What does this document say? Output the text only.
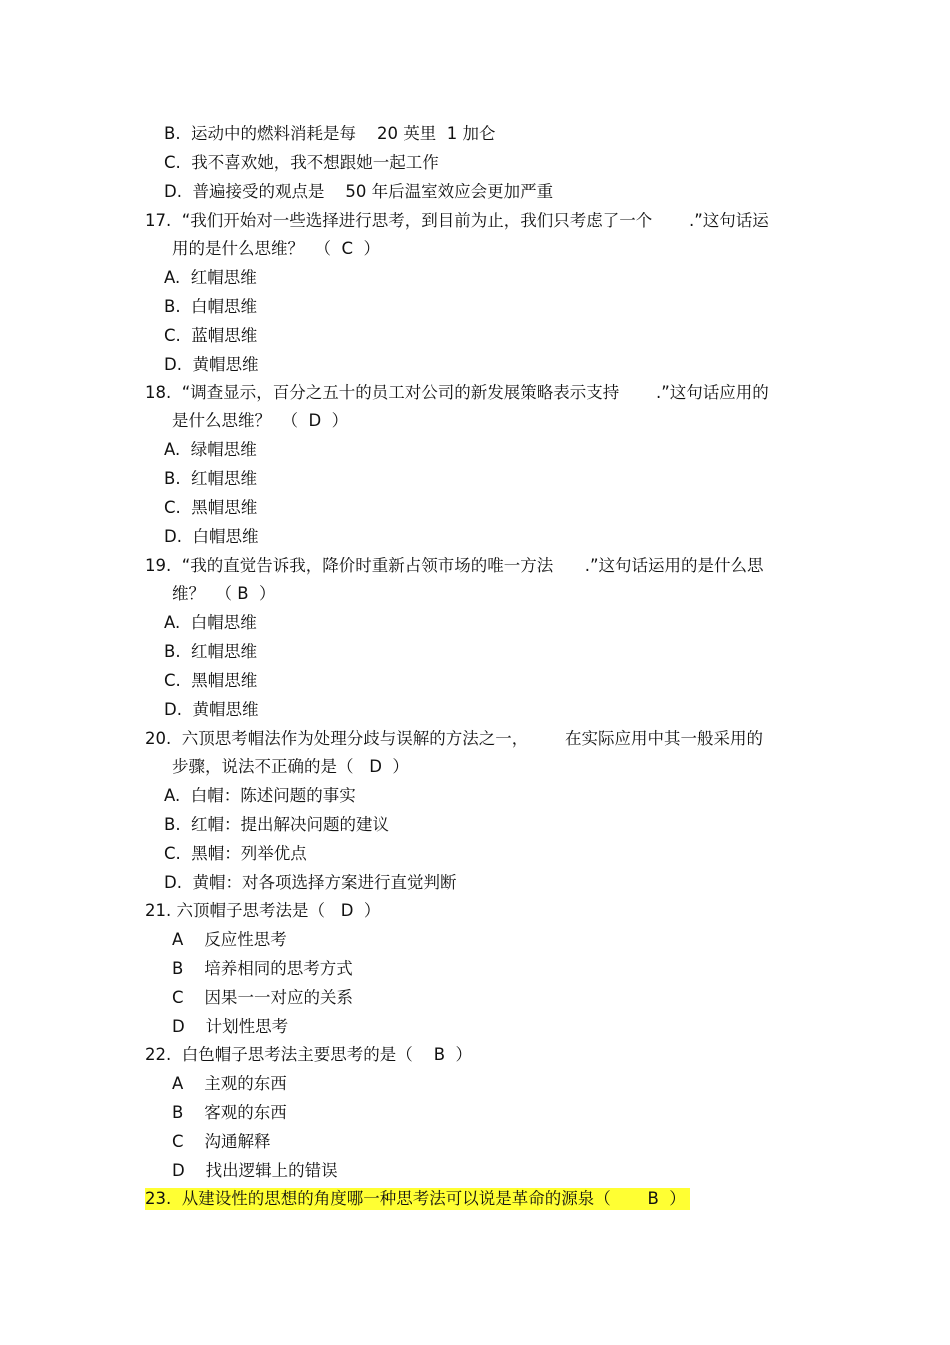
B.  运动中的燃料消耗是每    20 英里  1 加仑
C.  我不喜欢她，我不想跟她一起工作
D.  普遍接受的观点是    50 年后温室效应会更加严重
17.  “我们开始对一些选择进行思考，到目前为止，我们只考虑了一个       .”这句话运
用的是什么思维？  （  C  ）
A.  红帽思维
B.  白帽思维
C.  蓝帽思维
D.  黄帽思维
18.  “调查显示，百分之五十的员工对公司的新发展策略表示支持       .”这句话应用的
是什么思维？  （  D  ）
A.  绿帽思维
B.  红帽思维
C.  黑帽思维
D.  白帽思维
19.  “我的直觉告诉我，降价时重新占领市场的唯一方法      .”这句话运用的是什么思
维？  （ B  ）
A.  白帽思维
B.  红帽思维
C.  黑帽思维
D.  黄帽思维
20.  六顶思考帽法作为处理分歧与误解的方法之一，       在实际应用中其一般采用的
步骤，说法不正确的是（   D  ）
A.  白帽：陈述问题的事实
B.  红帽：提出解决问题的建议
C.  黑帽：列举优点
D.  黄帽：对各项选择方案进行直觉判断
21. 六顶帽子思考法是（   D  ）
A    反应性思考
B    培养相同的思考方式
C    因果一一对应的关系
D    计划性思考
22.  白色帽子思考法主要思考的是（    B  ）
A    主观的东西
B    客观的东西
C    沟通解释
D    找出逻辑上的错误
23.  从建设性的思想的角度哪一种思考法可以说是革命的源泉（       B  ）
